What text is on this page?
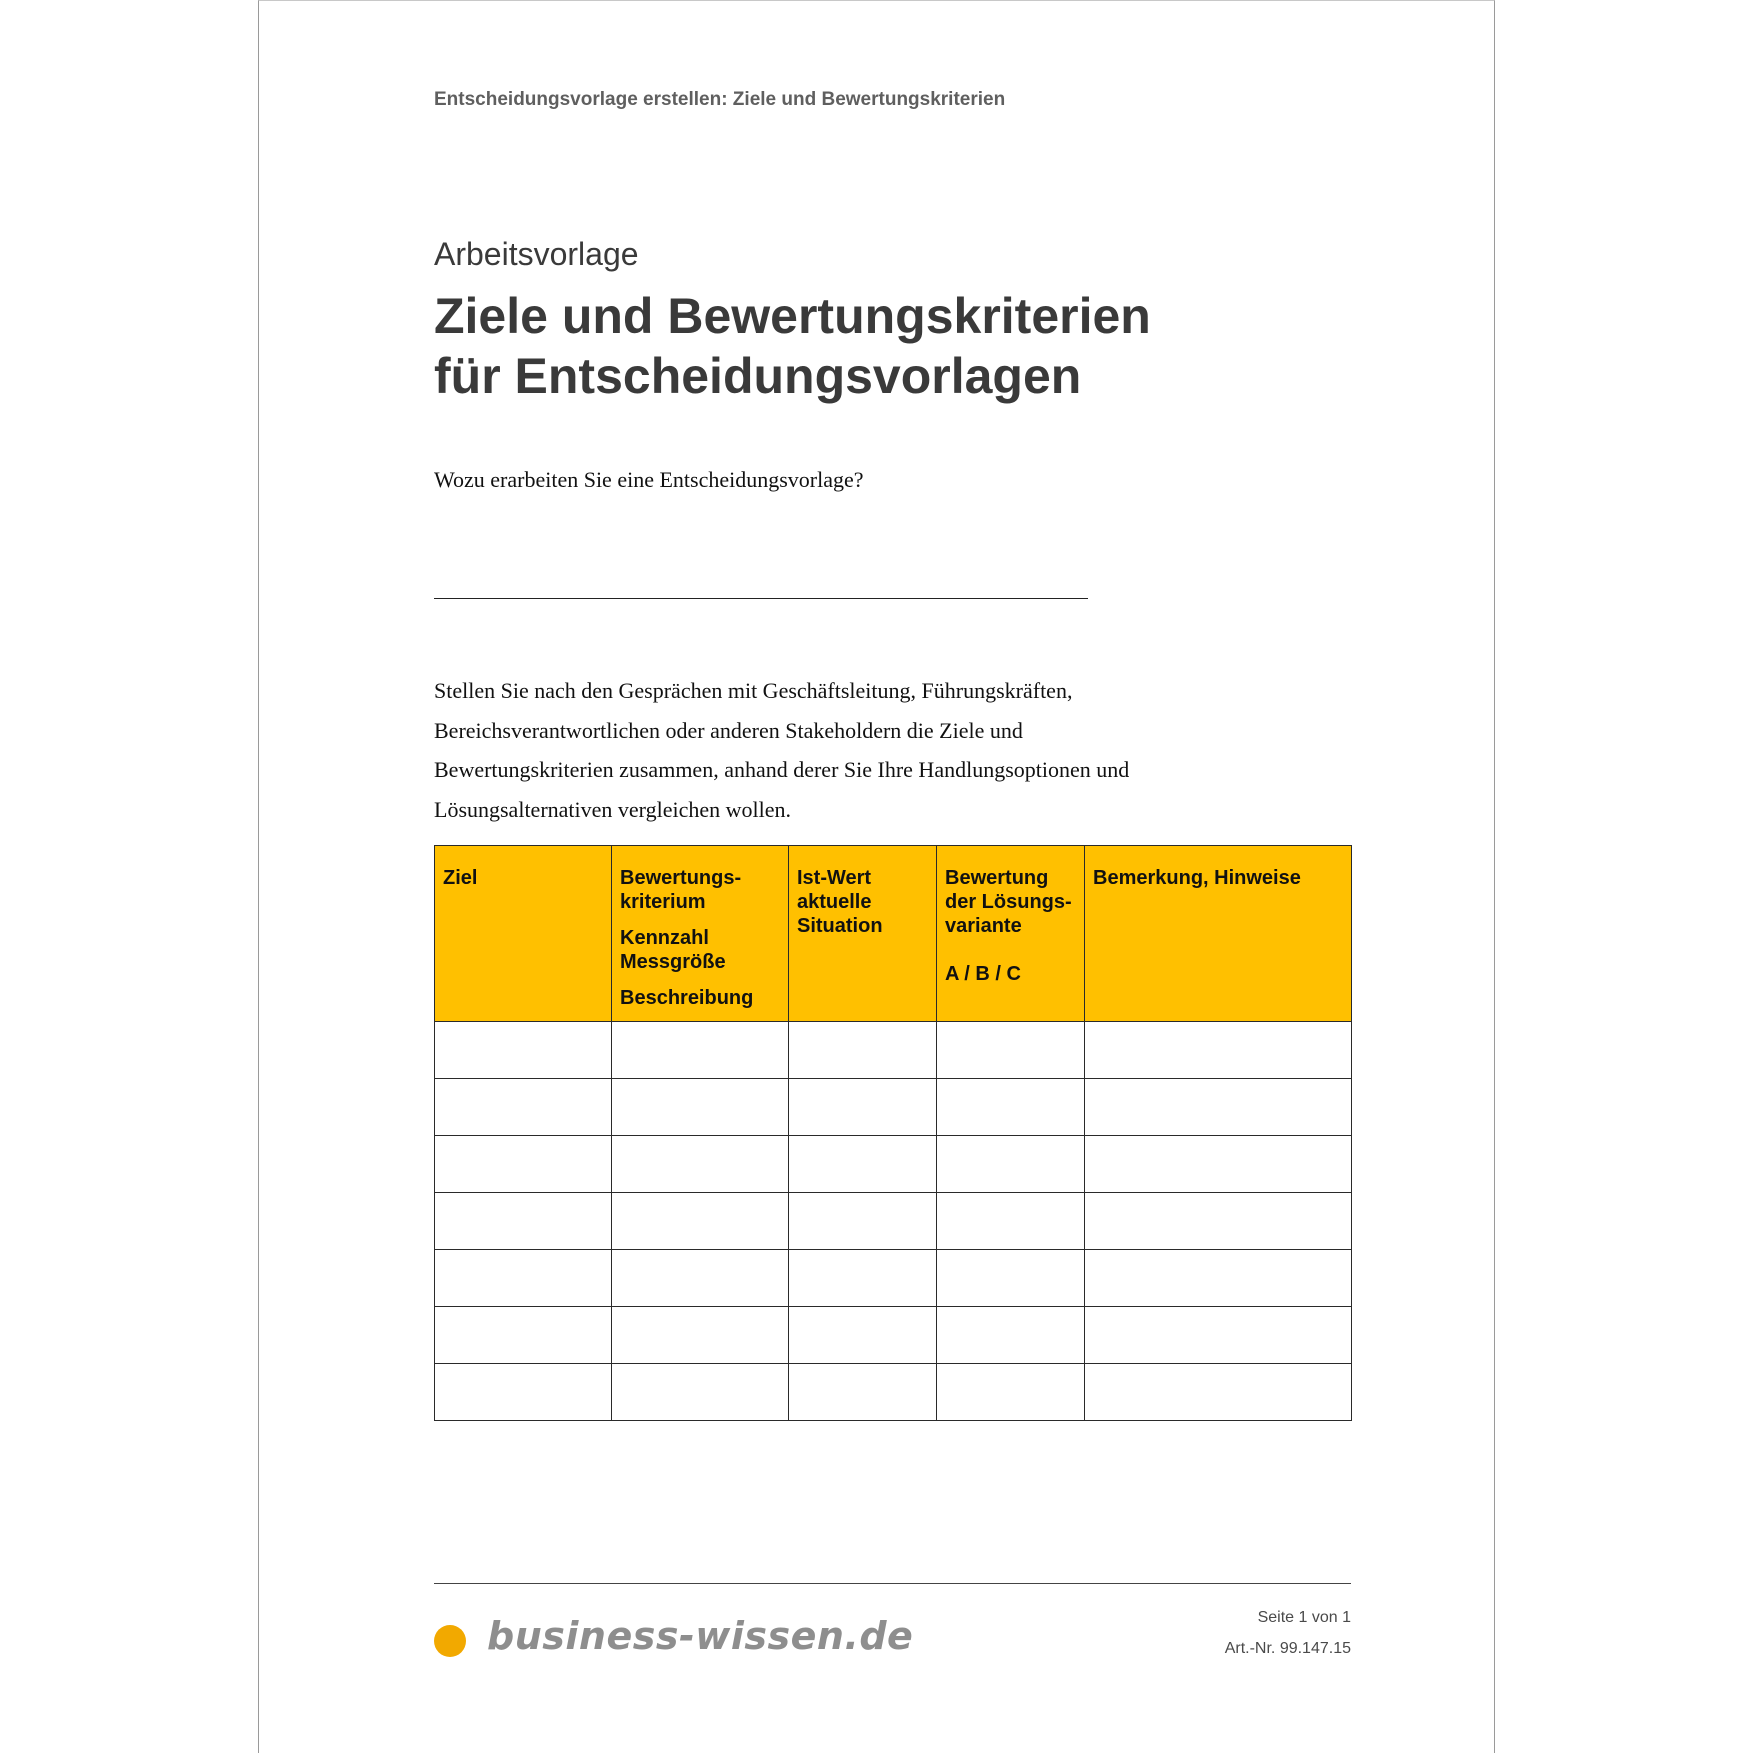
Entscheidungsvorlage erstellen: Ziele und Bewertungskriterien
Arbeitsvorlage
Ziele und Bewertungskriterien
für Entscheidungsvorlagen
Wozu erarbeiten Sie eine Entscheidungsvorlage?
Stellen Sie nach den Gesprächen mit Geschäftsleitung, Führungskräften,
Bereichsverantwortlichen oder anderen Stakeholdern die Ziele und
Bewertungskriterien zusammen, anhand derer Sie Ihre Handlungsoptionen und
Lösungsalternativen vergleichen wollen.
Ziel	Bewertungs-
kriterium
Kennzahl
Messgröße
Beschreibung	Ist-Wert
aktuelle
Situation	Bewertung
der Lösungs-
variante
A / B / C	Bemerkung, Hinweise

business-wissen.de	Seite 1 von 1
Art.-Nr. 99.147.15
